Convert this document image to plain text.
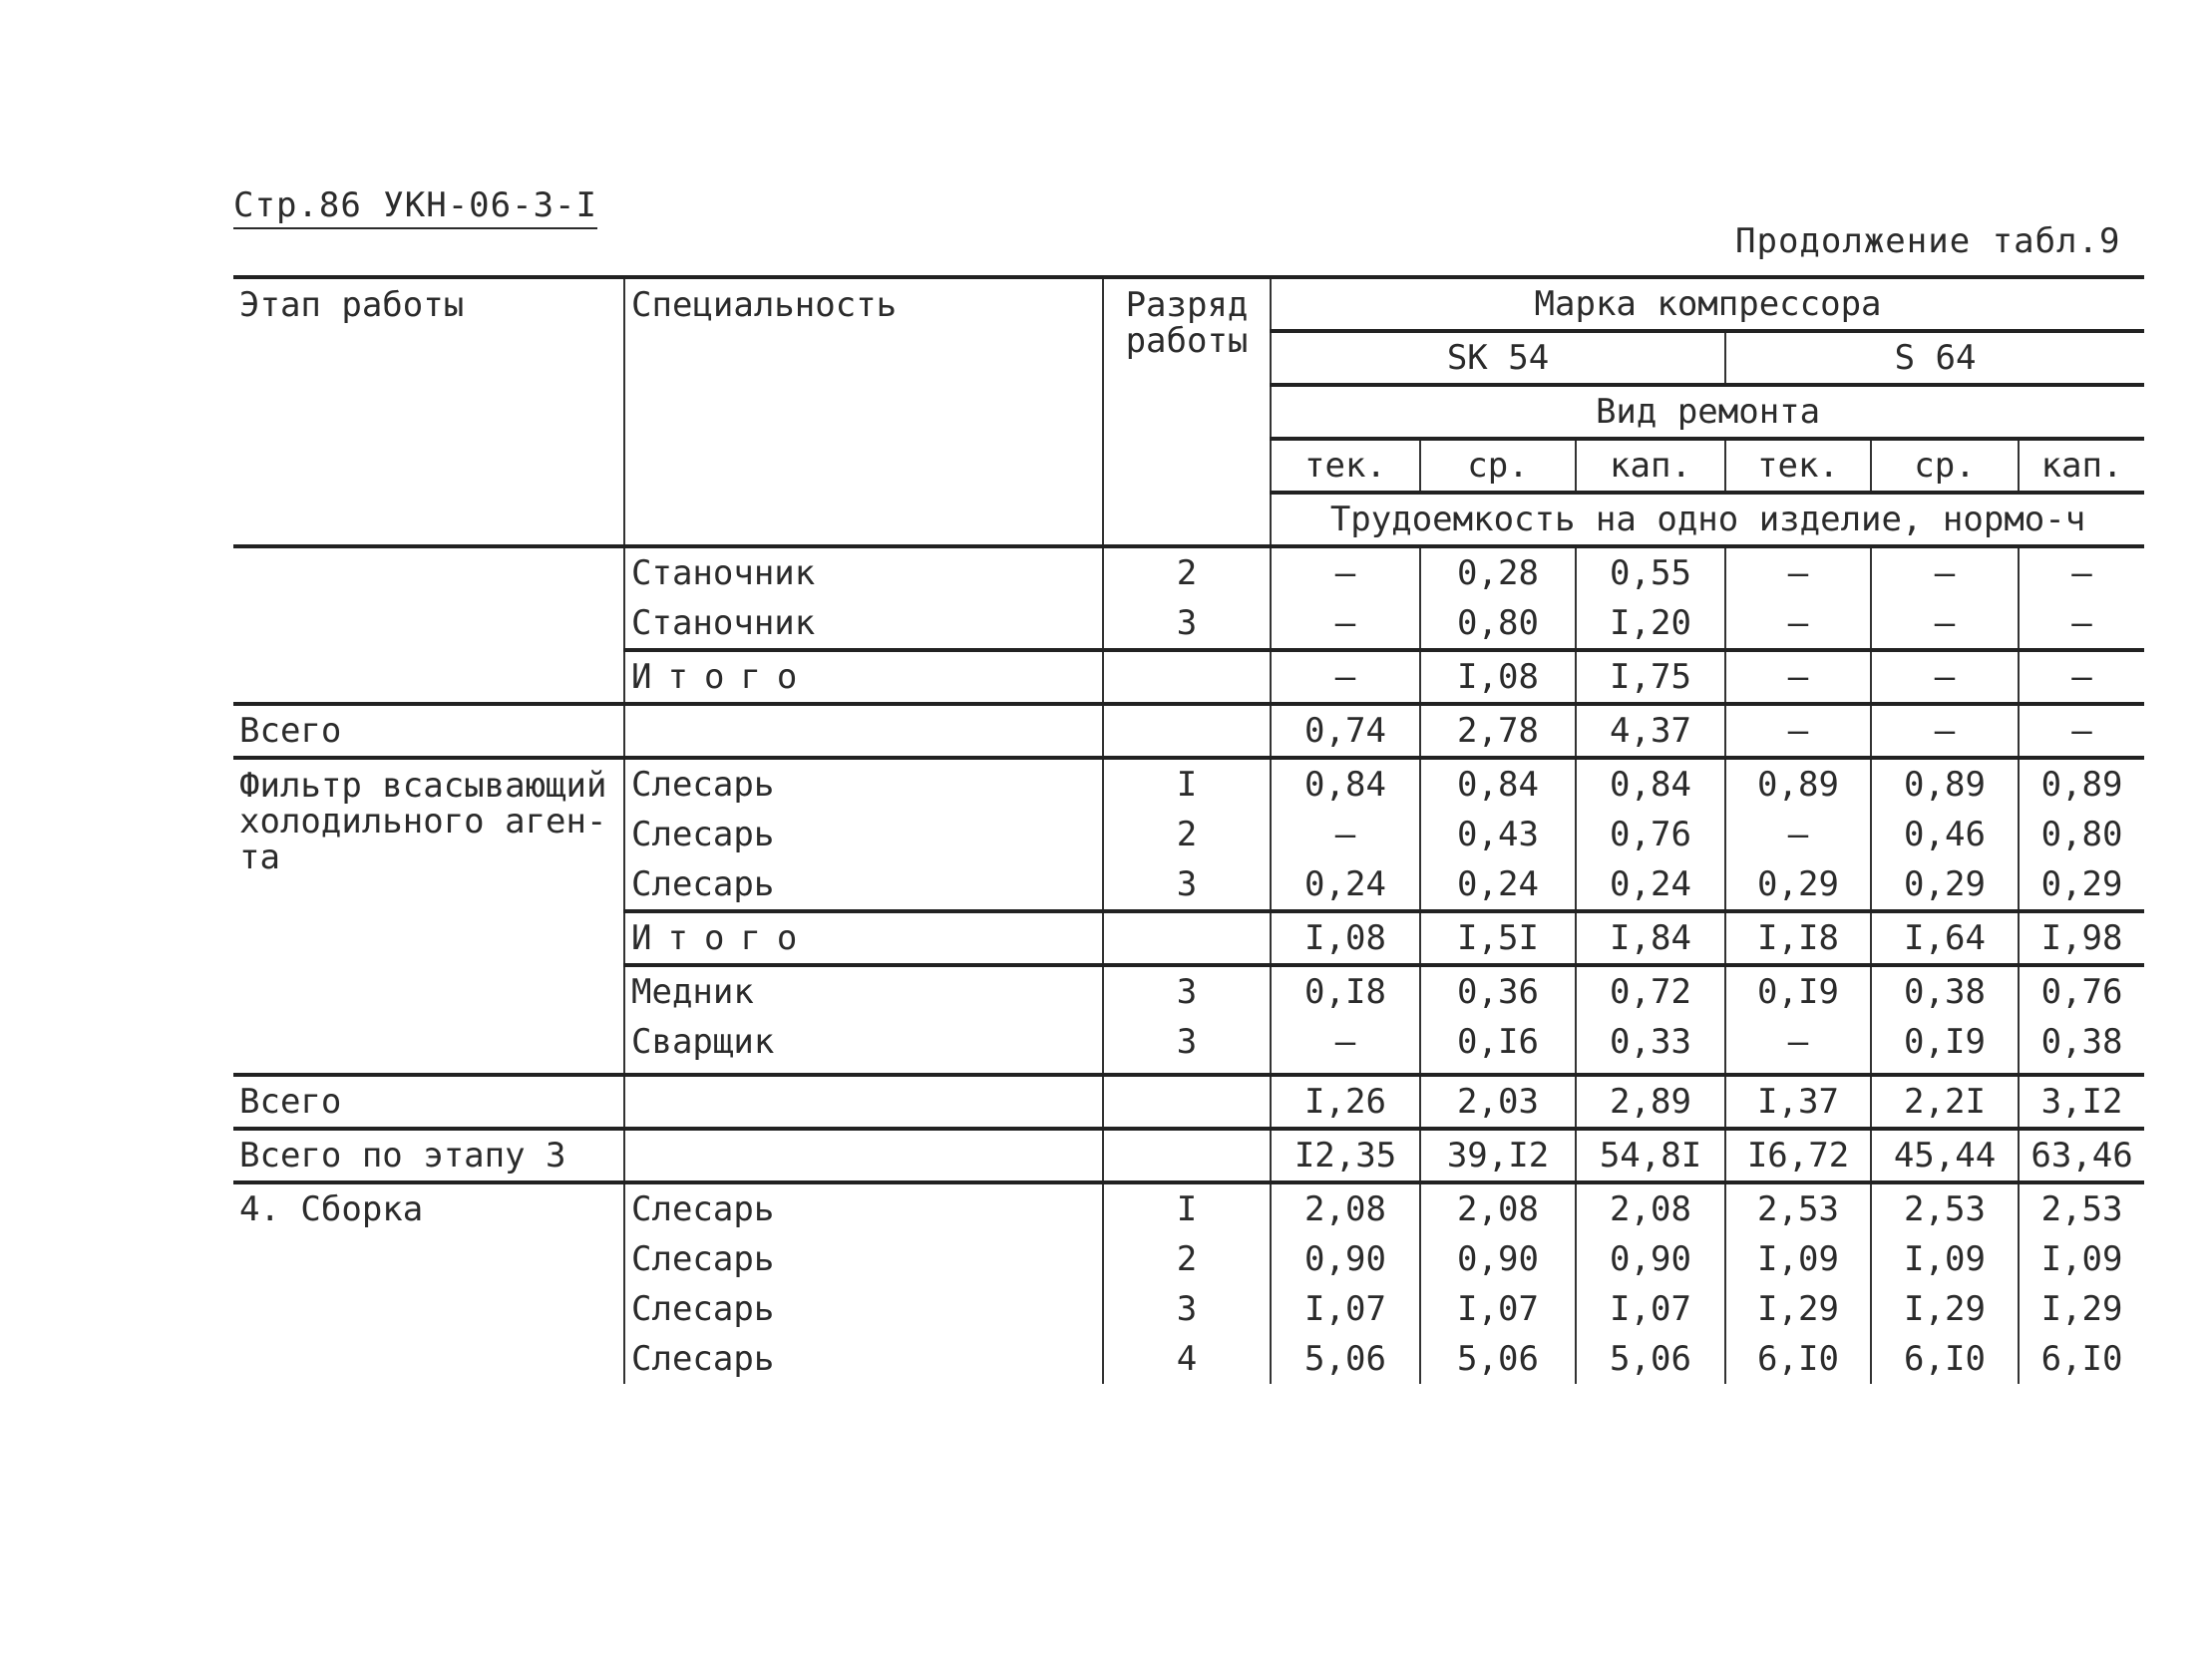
Стр.86 УКН-06-3-I
Продолжение табл.9
Этап работы	Специальность	Разряд работы	Марка компрессора					
			SK 54			S 64		
			Вид ремонта					
			тек.	ср.	кап.	тек.	ср.	кап.
			Трудоемкость на одно изделие, нормо-ч					
	Станочник	2	–	0,28	0,55	–	–	–
	Станочник	3	–	0,80	I,20	–	–	–
	Итого		–	I,08	I,75	–	–	–
Всего			0,74	2,78	4,37	–	–	–
Фильтр всасывающий холодильного аген-та	Слесарь	I	0,84	0,84	0,84	0,89	0,89	0,89
	Слесарь	2	–	0,43	0,76	–	0,46	0,80
	Слесарь	3	0,24	0,24	0,24	0,29	0,29	0,29
	Итого		I,08	I,5I	I,84	I,I8	I,64	I,98
	Медник	3	0,I8	0,36	0,72	0,I9	0,38	0,76
	Сварщик	3	–	0,I6	0,33	–	0,I9	0,38

Всего			I,26	2,03	2,89	I,37	2,2I	3,I2
Всего по этапу 3			I2,35	39,I2	54,8I	I6,72	45,44	63,46
4. Сборка	Слесарь	I	2,08	2,08	2,08	2,53	2,53	2,53
	Слесарь	2	0,90	0,90	0,90	I,09	I,09	I,09
	Слесарь	3	I,07	I,07	I,07	I,29	I,29	I,29
	Слесарь	4	5,06	5,06	5,06	6,I0	6,I0	6,I0
